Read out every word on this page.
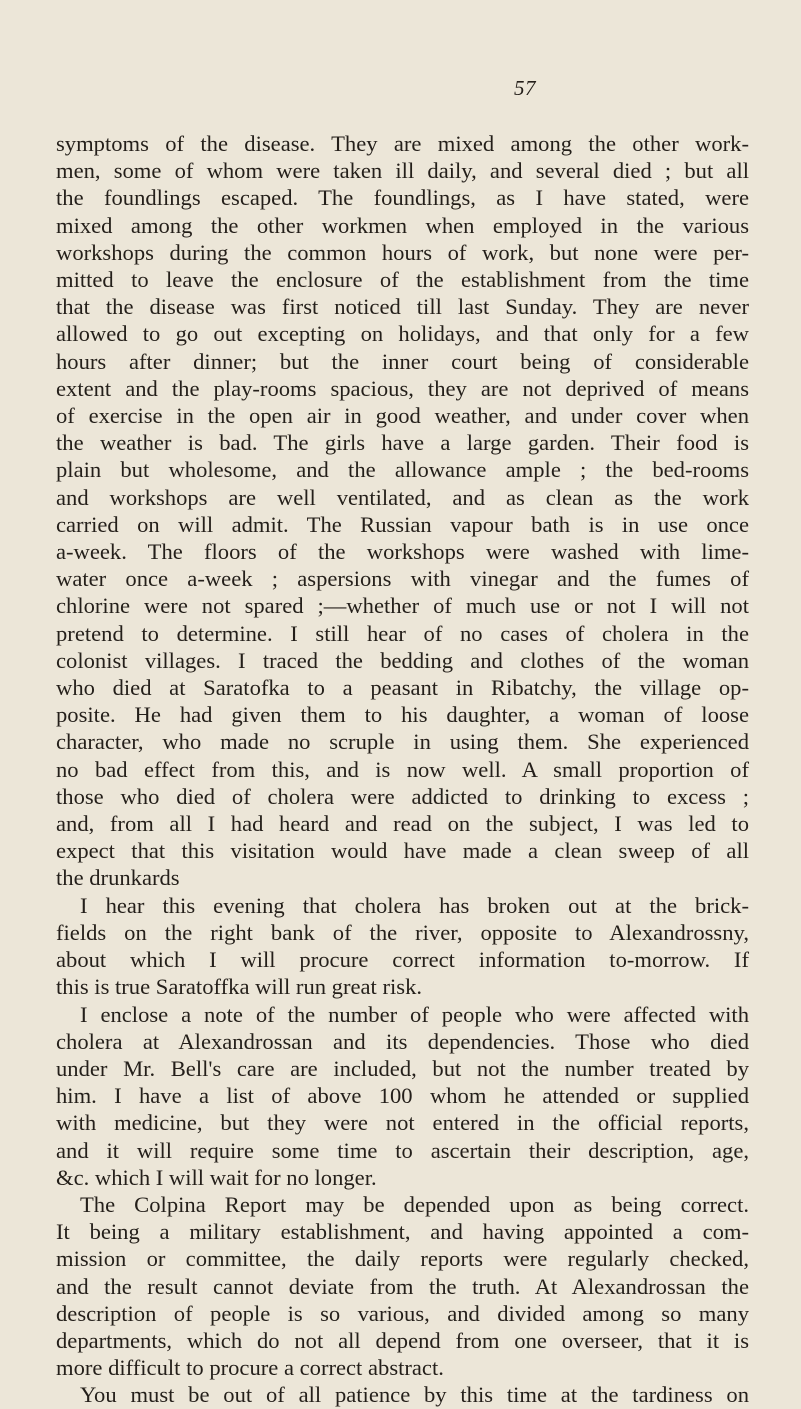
57
symptoms of the disease. They are mixed among the other work-
men, some of whom were taken ill daily, and several died ; but all
the foundlings escaped. The foundlings, as I have stated, were
mixed among the other workmen when employed in the various
workshops during the common hours of work, but none were per-
mitted to leave the enclosure of the establishment from the time
that the disease was first noticed till last Sunday. They are never
allowed to go out excepting on holidays, and that only for a few
hours after dinner; but the inner court being of considerable
extent and the play-rooms spacious, they are not deprived of means
of exercise in the open air in good weather, and under cover when
the weather is bad. The girls have a large garden. Their food is
plain but wholesome, and the allowance ample ; the bed-rooms
and workshops are well ventilated, and as clean as the work
carried on will admit. The Russian vapour bath is in use once
a-week. The floors of the workshops were washed with lime-
water once a-week ; aspersions with vinegar and the fumes of
chlorine were not spared ;—whether of much use or not I will not
pretend to determine. I still hear of no cases of cholera in the
colonist villages. I traced the bedding and clothes of the woman
who died at Saratofka to a peasant in Ribatchy, the village op-
posite. He had given them to his daughter, a woman of loose
character, who made no scruple in using them. She experienced
no bad effect from this, and is now well. A small proportion of
those who died of cholera were addicted to drinking to excess ;
and, from all I had heard and read on the subject, I was led to
expect that this visitation would have made a clean sweep of all
the drunkards
I hear this evening that cholera has broken out at the brick-
fields on the right bank of the river, opposite to Alexandrossny,
about which I will procure correct information to-morrow. If
this is true Saratoffka will run great risk.
I enclose a note of the number of people who were affected with
cholera at Alexandrossan and its dependencies. Those who died
under Mr. Bell's care are included, but not the number treated by
him. I have a list of above 100 whom he attended or supplied
with medicine, but they were not entered in the official reports,
and it will require some time to ascertain their description, age,
&c. which I will wait for no longer.
The Colpina Report may be depended upon as being correct.
It being a military establishment, and having appointed a com-
mission or committee, the daily reports were regularly checked,
and the result cannot deviate from the truth. At Alexandrossan the
description of people is so various, and divided among so many
departments, which do not all depend from one overseer, that it is
more difficult to procure a correct abstract.
You must be out of all patience by this time at the tardiness on
